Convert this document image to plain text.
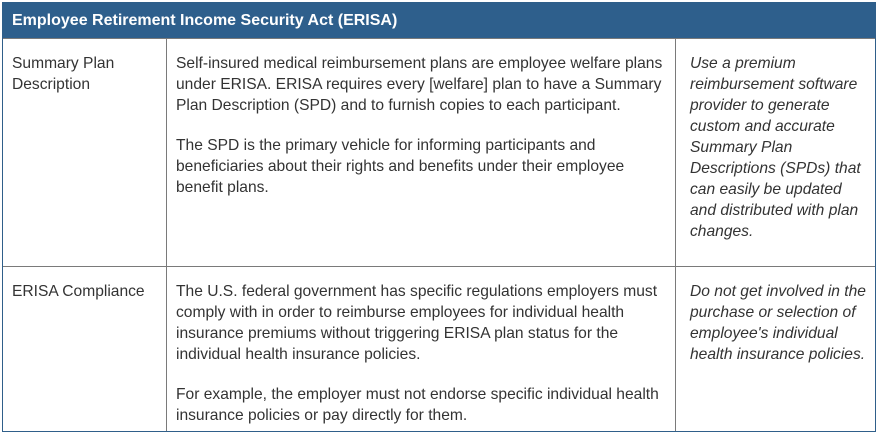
Employee Retirement Income Security Act (ERISA)
Summary Plan Description

Self-insured medical reimbursement plans are employee welfare plans under ERISA. ERISA requires every [welfare] plan to have a Summary Plan Description (SPD) and to furnish copies to each participant.

The SPD is the primary vehicle for informing participants and beneficiaries about their rights and benefits under their employee benefit plans.

Use a premium reimbursement software provider to generate custom and accurate Summary Plan Descriptions (SPDs) that can easily be updated and distributed with plan changes.
ERISA Compliance	The U.S. federal government has specific regulations employers must comply with in order to reimburse employees for individual health insurance premiums without triggering ERISA plan status for the individual health insurance policies.

For example, the employer must not endorse specific individual health insurance policies or pay directly for them.

Do not get involved in the purchase or selection of employee's individual health insurance policies.
